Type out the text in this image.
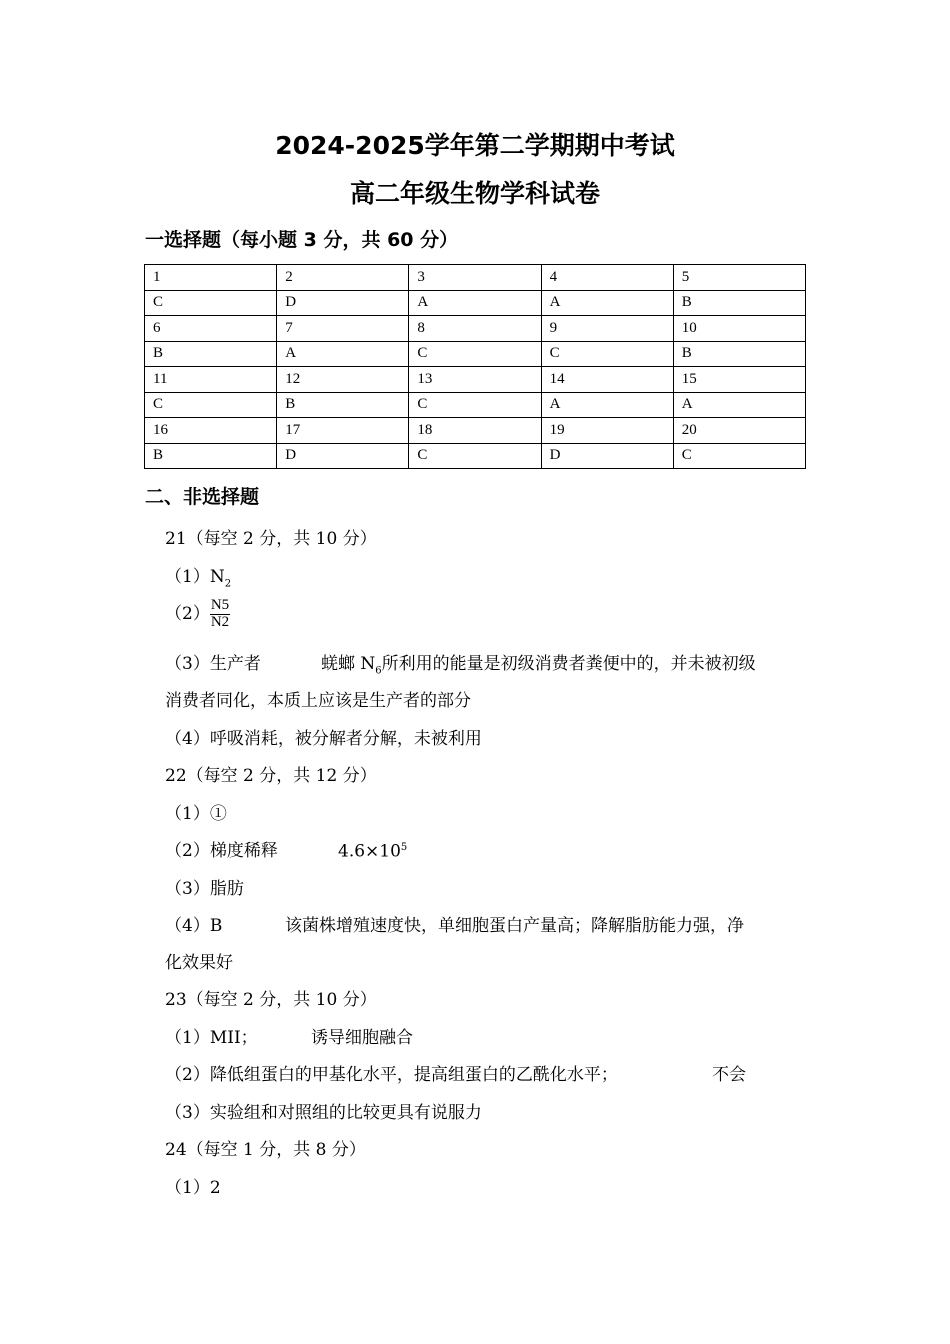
2024-2025学年第二学期期中考试
高二年级生物学科试卷
一选择题（每小题 3 分，共 60 分）
1	2	3	4	5
C	D	A	A	B
6	7	8	9	10
B	A	C	C	B
11	12	13	14	15
C	B	C	A	A
16	17	18	19	20
B	D	C	D	C
二、非选择题
21（每空 2 分，共 10 分）
$(1)N_2$
$(2) \frac{N5}{N2}$
（3）生产者	蜣螂 $N_6$所利用的能量是初级消费者粪便中的，并未被初级
消费者同化，本质上应该是生产者的部分
（4）呼吸消耗，被分解者分解，未被利用
22（每空 2 分，共 12 分）
（1）①
（2）梯度稀释	$4.6\times 10^5$
（3）脂肪
（4）B	该菌株增殖速度快，单细胞蛋白产量高；降解脂肪能力强，净
化效果好
23（每空 2 分，共 10 分）
（1）MII；	诱导细胞融合
（2）降低组蛋白的甲基化水平，提高组蛋白的乙酰化水平；	不会
（3）实验组和对照组的比较更具有说服力
24（每空 1 分，共 8 分）
（1）2
